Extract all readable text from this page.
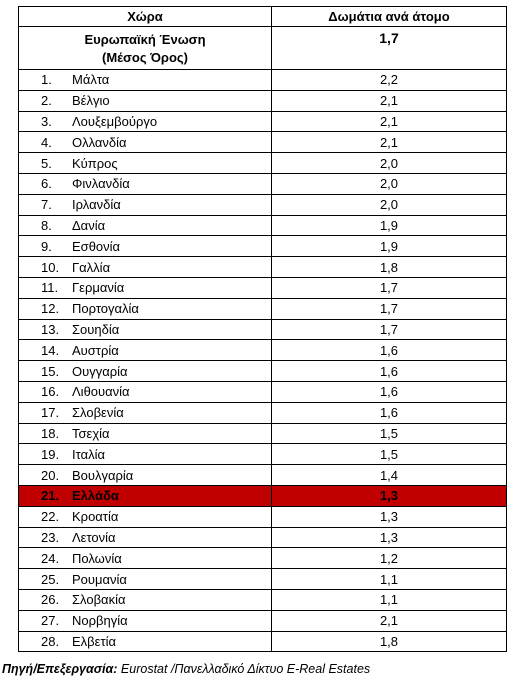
Χώρα	Δωμάτια ανά άτομο

Ευρωπαϊκή Ένωση
(Μέσος Όρος)	1,7
1. Μάλτα	2,2
2. Βέλγιο	2,1
3. Λουξεμβούργο	2,1
4. Ολλανδία	2,1
5. Κύπρος	2,0
6. Φινλανδία	2,0
7. Ιρλανδία	2,0
8. Δανία	1,9
9. Εσθονία	1,9
10. Γαλλία	1,8
11. Γερμανία	1,7
12. Πορτογαλία	1,7
13. Σουηδία	1,7
14. Αυστρία	1,6
15. Ουγγαρία	1,6
16. Λιθουανία	1,6
17. Σλοβενία	1,6
18. Τσεχία	1,5
19. Ιταλία	1,5
20. Βουλγαρία	1,4
21. Ελλάδα	1,3
22. Κροατία	1,3
23. Λετονία	1,3
24. Πολωνία	1,2
25. Ρουμανία	1,1
26. Σλοβακία	1,1
27. Νορβηγία	2,1
28. Ελβετία	1,8
Πηγή/Επεξεργασία: Eurostat /Πανελλαδικό Δίκτυο E-Real Estates
